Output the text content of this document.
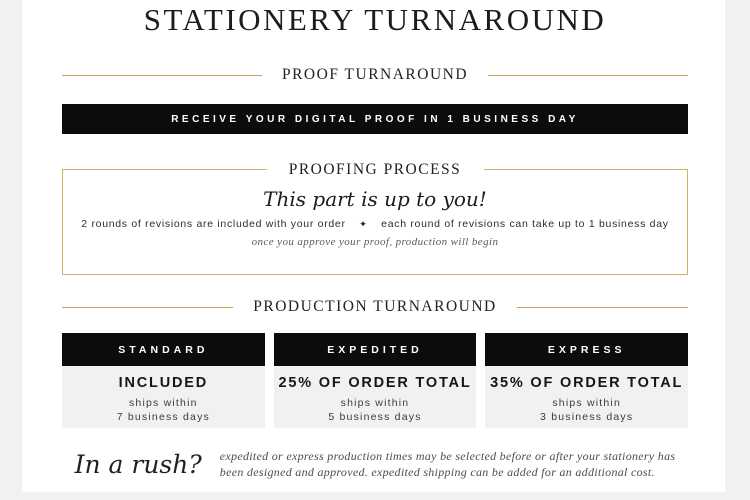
STATIONERY TURNAROUND
PROOF TURNAROUND
RECEIVE YOUR DIGITAL PROOF IN 1 BUSINESS DAY
PROOFING PROCESS
This part is up to you!
2 rounds of revisions are included with your order ✦ each round of revisions can take up to 1 business day
once you approve your proof, production will begin
PRODUCTION TURNAROUND
STANDARD
INCLUDED
ships within
7 business days
EXPEDITED
25% OF ORDER TOTAL
ships within
5 business days
EXPRESS
35% OF ORDER TOTAL
ships within
3 business days
In a rush? expedited or express production times may be selected before or after your stationery has
been designed and approved. expedited shipping can be added for an additional cost.
